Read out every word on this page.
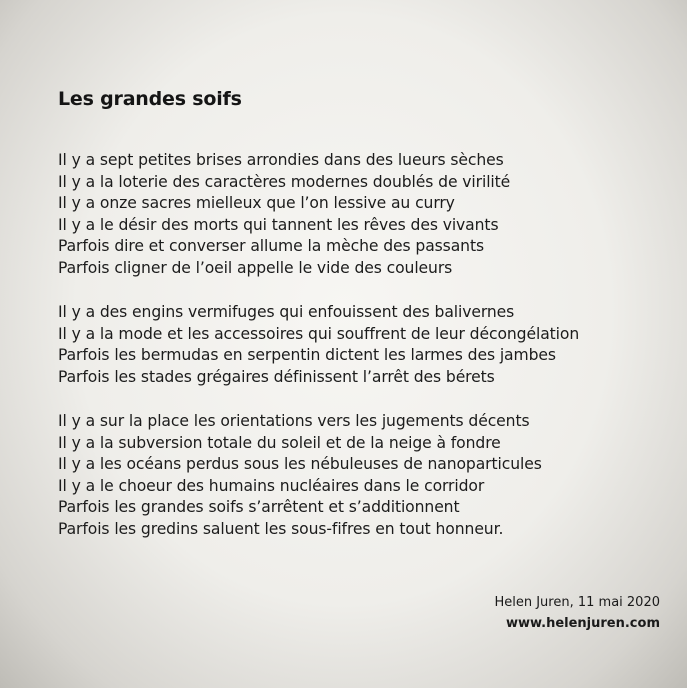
Les grandes soifs

Il y a sept petites brises arrondies dans des lueurs sèches
Il y a la loterie des caractères modernes doublés de virilité
Il y a onze sacres mielleux que l’on lessive au curry
Il y a le désir des morts qui tannent les rêves des vivants
Parfois dire et converser allume la mèche des passants
Parfois cligner de l’oeil appelle le vide des couleurs

Il y a des engins vermifuges qui enfouissent des balivernes
Il y a la mode et les accessoires qui souffrent de leur décongélation
Parfois les bermudas en serpentin dictent les larmes des jambes
Parfois les stades grégaires définissent l’arrêt des bérets

Il y a sur la place les orientations vers les jugements décents
Il y a la subversion totale du soleil et de la neige à fondre
Il y a les océans perdus sous les nébuleuses de nanoparticules
Il y a le choeur des humains nucléaires dans le corridor
Parfois les grandes soifs s’arrêtent et s’additionnent
Parfois les gredins saluent les sous-fifres en tout honneur.

Helen Juren, 11 mai 2020
www.helenjuren.com
